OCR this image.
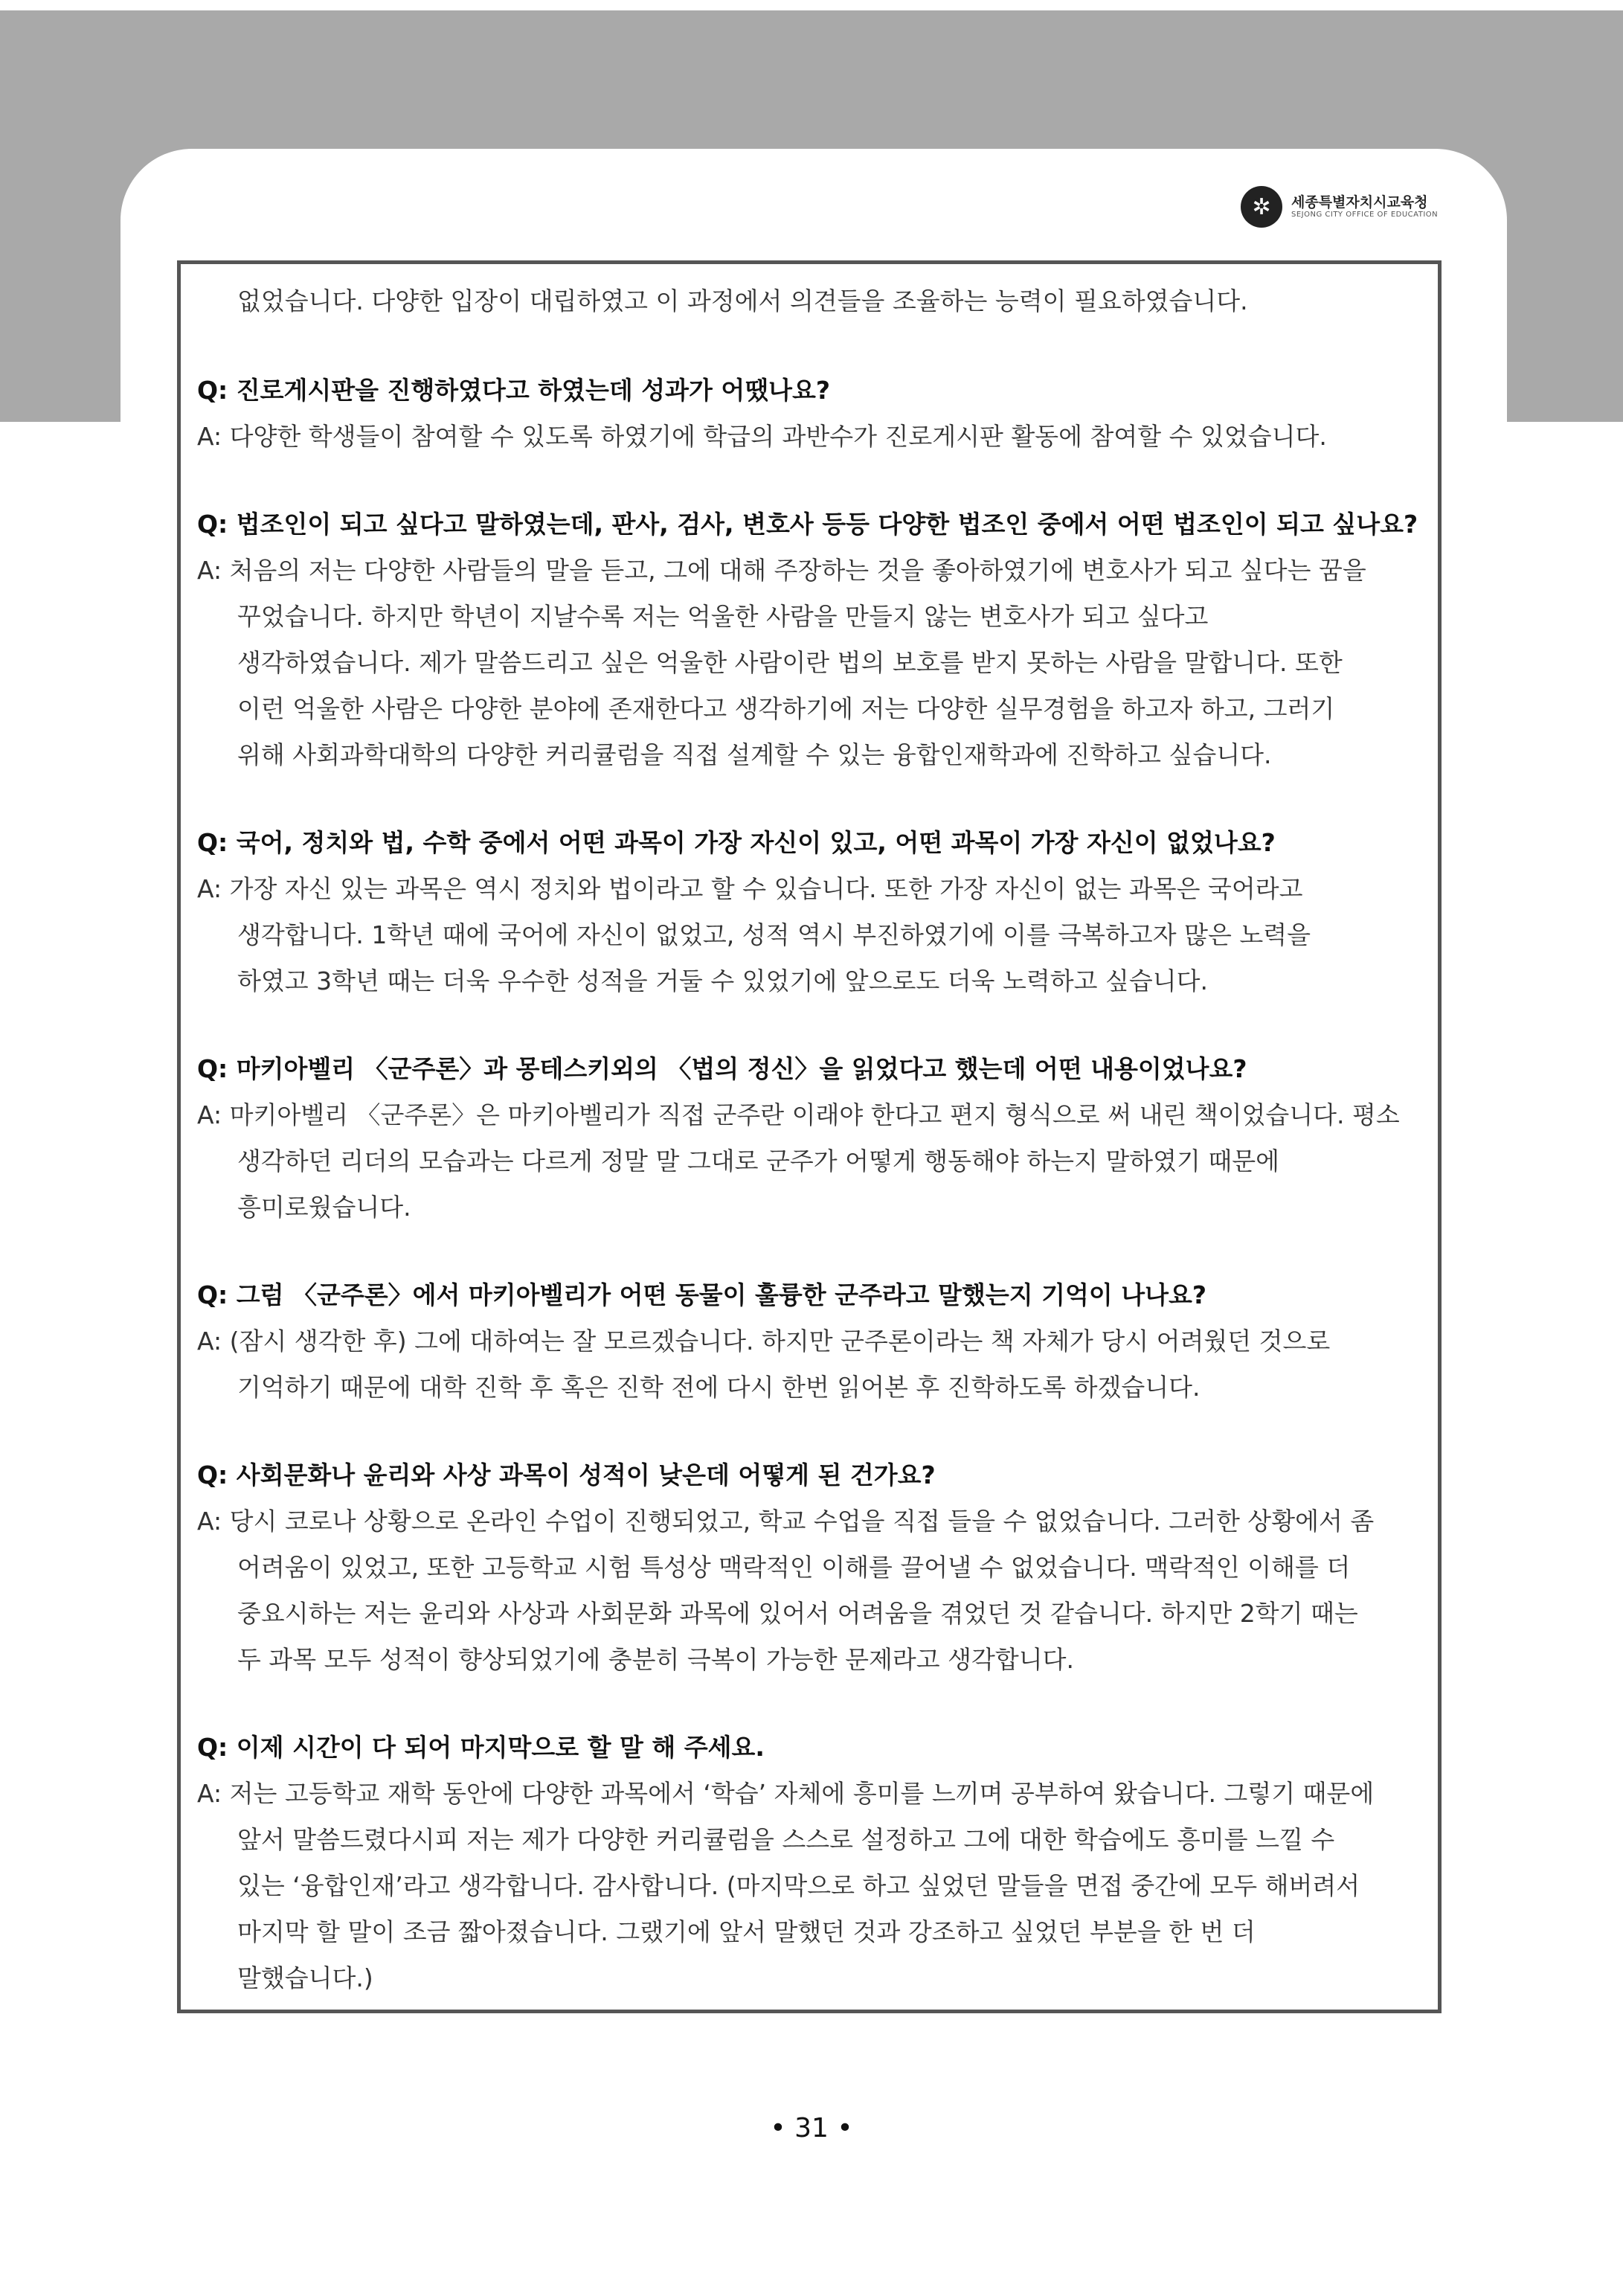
✲	세종특별자치시교육청
SEJONG CITY OFFICE OF EDUCATION
없었습니다. 다양한 입장이 대립하였고 이 과정에서 의견들을 조율하는 능력이 필요하였습니다.
Q: 진로게시판을 진행하였다고 하였는데 성과가 어땠나요?
A: 다양한 학생들이 참여할 수 있도록 하였기에 학급의 과반수가 진로게시판 활동에 참여할 수 있었습니다.
Q: 법조인이 되고 싶다고 말하였는데, 판사, 검사, 변호사 등등 다양한 법조인 중에서 어떤 법조인이 되고 싶나요?
A: 처음의 저는 다양한 사람들의 말을 듣고, 그에 대해 주장하는 것을 좋아하였기에 변호사가 되고 싶다는 꿈을
꾸었습니다. 하지만 학년이 지날수록 저는 억울한 사람을 만들지 않는 변호사가 되고 싶다고
생각하였습니다. 제가 말씀드리고 싶은 억울한 사람이란 법의 보호를 받지 못하는 사람을 말합니다. 또한
이런 억울한 사람은 다양한 분야에 존재한다고 생각하기에 저는 다양한 실무경험을 하고자 하고, 그러기
위해 사회과학대학의 다양한 커리큘럼을 직접 설계할 수 있는 융합인재학과에 진학하고 싶습니다.
Q: 국어, 정치와 법, 수학 중에서 어떤 과목이 가장 자신이 있고, 어떤 과목이 가장 자신이 없었나요?
A: 가장 자신 있는 과목은 역시 정치와 법이라고 할 수 있습니다. 또한 가장 자신이 없는 과목은 국어라고
생각합니다. 1학년 때에 국어에 자신이 없었고, 성적 역시 부진하였기에 이를 극복하고자 많은 노력을
하였고 3학년 때는 더욱 우수한 성적을 거둘 수 있었기에 앞으로도 더욱 노력하고 싶습니다.
Q: 마키아벨리 〈군주론〉과 몽테스키외의 〈법의 정신〉을 읽었다고 했는데 어떤 내용이었나요?
A: 마키아벨리 〈군주론〉은 마키아벨리가 직접 군주란 이래야 한다고 편지 형식으로 써 내린 책이었습니다. 평소
생각하던 리더의 모습과는 다르게 정말 말 그대로 군주가 어떻게 행동해야 하는지 말하였기 때문에
흥미로웠습니다.
Q: 그럼 〈군주론〉에서 마키아벨리가 어떤 동물이 훌륭한 군주라고 말했는지 기억이 나나요?
A: (잠시 생각한 후) 그에 대하여는 잘 모르겠습니다. 하지만 군주론이라는 책 자체가 당시 어려웠던 것으로
기억하기 때문에 대학 진학 후 혹은 진학 전에 다시 한번 읽어본 후 진학하도록 하겠습니다.
Q: 사회문화나 윤리와 사상 과목이 성적이 낮은데 어떻게 된 건가요?
A: 당시 코로나 상황으로 온라인 수업이 진행되었고, 학교 수업을 직접 들을 수 없었습니다. 그러한 상황에서 좀
어려움이 있었고, 또한 고등학교 시험 특성상 맥락적인 이해를 끌어낼 수 없었습니다. 맥락적인 이해를 더
중요시하는 저는 윤리와 사상과 사회문화 과목에 있어서 어려움을 겪었던 것 같습니다. 하지만 2학기 때는
두 과목 모두 성적이 향상되었기에 충분히 극복이 가능한 문제라고 생각합니다.
Q: 이제 시간이 다 되어 마지막으로 할 말 해 주세요.
A: 저는 고등학교 재학 동안에 다양한 과목에서 ‘학습’ 자체에 흥미를 느끼며 공부하여 왔습니다. 그렇기 때문에
앞서 말씀드렸다시피 저는 제가 다양한 커리큘럼을 스스로 설정하고 그에 대한 학습에도 흥미를 느낄 수
있는 ‘융합인재’라고 생각합니다. 감사합니다. (마지막으로 하고 싶었던 말들을 면접 중간에 모두 해버려서
마지막 할 말이 조금 짧아졌습니다. 그랬기에 앞서 말했던 것과 강조하고 싶었던 부분을 한 번 더
말했습니다.)
• 31 •
